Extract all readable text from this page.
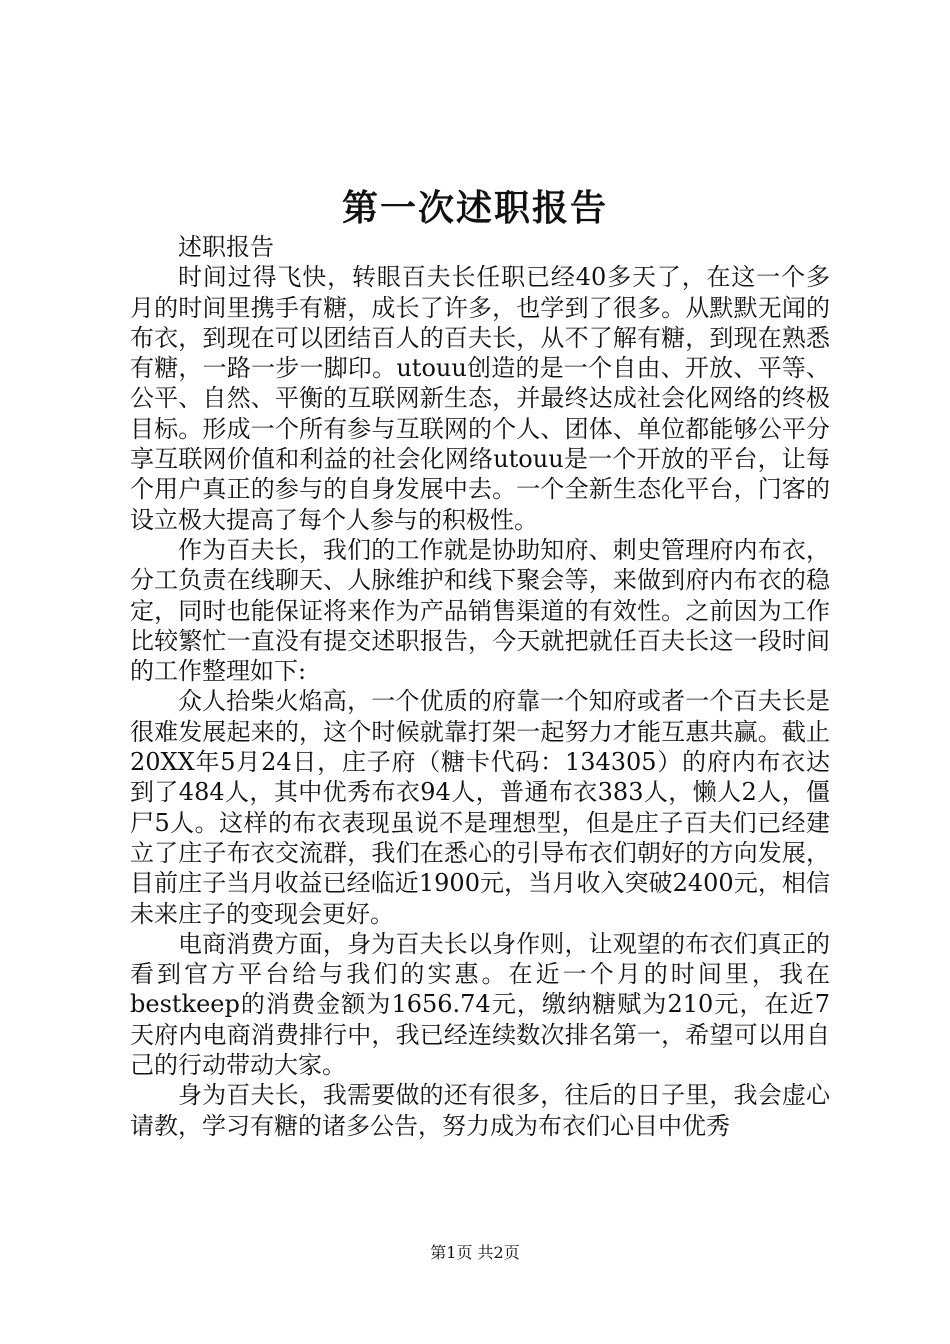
第一次述职报告

述职报告

时间过得飞快，转眼百夫长任职已经40多天了，在这一个多月的时间里携手有糖，成长了许多，也学到了很多。从默默无闻的布衣，到现在可以团结百人的百夫长，从不了解有糖，到现在熟悉有糖，一路一步一脚印。utouu创造的是一个自由、开放、平等、公平、自然、平衡的互联网新生态，并最终达成社会化网络的终极目标。形成一个所有参与互联网的个人、团体、单位都能够公平分享互联网价值和利益的社会化网络utouu是一个开放的平台，让每个用户真正的参与的自身发展中去。一个全新生态化平台，门客的设立极大提高了每个人参与的积极性。

作为百夫长，我们的工作就是协助知府、刺史管理府内布衣，分工负责在线聊天、人脉维护和线下聚会等，来做到府内布衣的稳定，同时也能保证将来作为产品销售渠道的有效性。之前因为工作比较繁忙一直没有提交述职报告，今天就把就任百夫长这一段时间的工作整理如下:

众人拾柴火焰高，一个优质的府靠一个知府或者一个百夫长是很难发展起来的，这个时候就靠打架一起努力才能互惠共赢。截止20XX年5月24日，庄子府（糖卡代码：134305）的府内布衣达到了484人，其中优秀布衣94人，普通布衣383人，懒人2人，僵尸5人。这样的布衣表现虽说不是理想型，但是庄子百夫们已经建立了庄子布衣交流群，我们在悉心的引导布衣们朝好的方向发展，目前庄子当月收益已经临近1900元，当月收入突破2400元，相信未来庄子的变现会更好。

电商消费方面，身为百夫长以身作则，让观望的布衣们真正的看到官方平台给与我们的实惠。在近一个月的时间里，我在bestkeep的消费金额为1656.74元，缴纳糖赋为210元，在近7天府内电商消费排行中，我已经连续数次排名第一，希望可以用自己的行动带动大家。

身为百夫长，我需要做的还有很多，往后的日子里，我会虚心请教，学习有糖的诸多公告，努力成为布衣们心目中优秀

第1页 共2页
